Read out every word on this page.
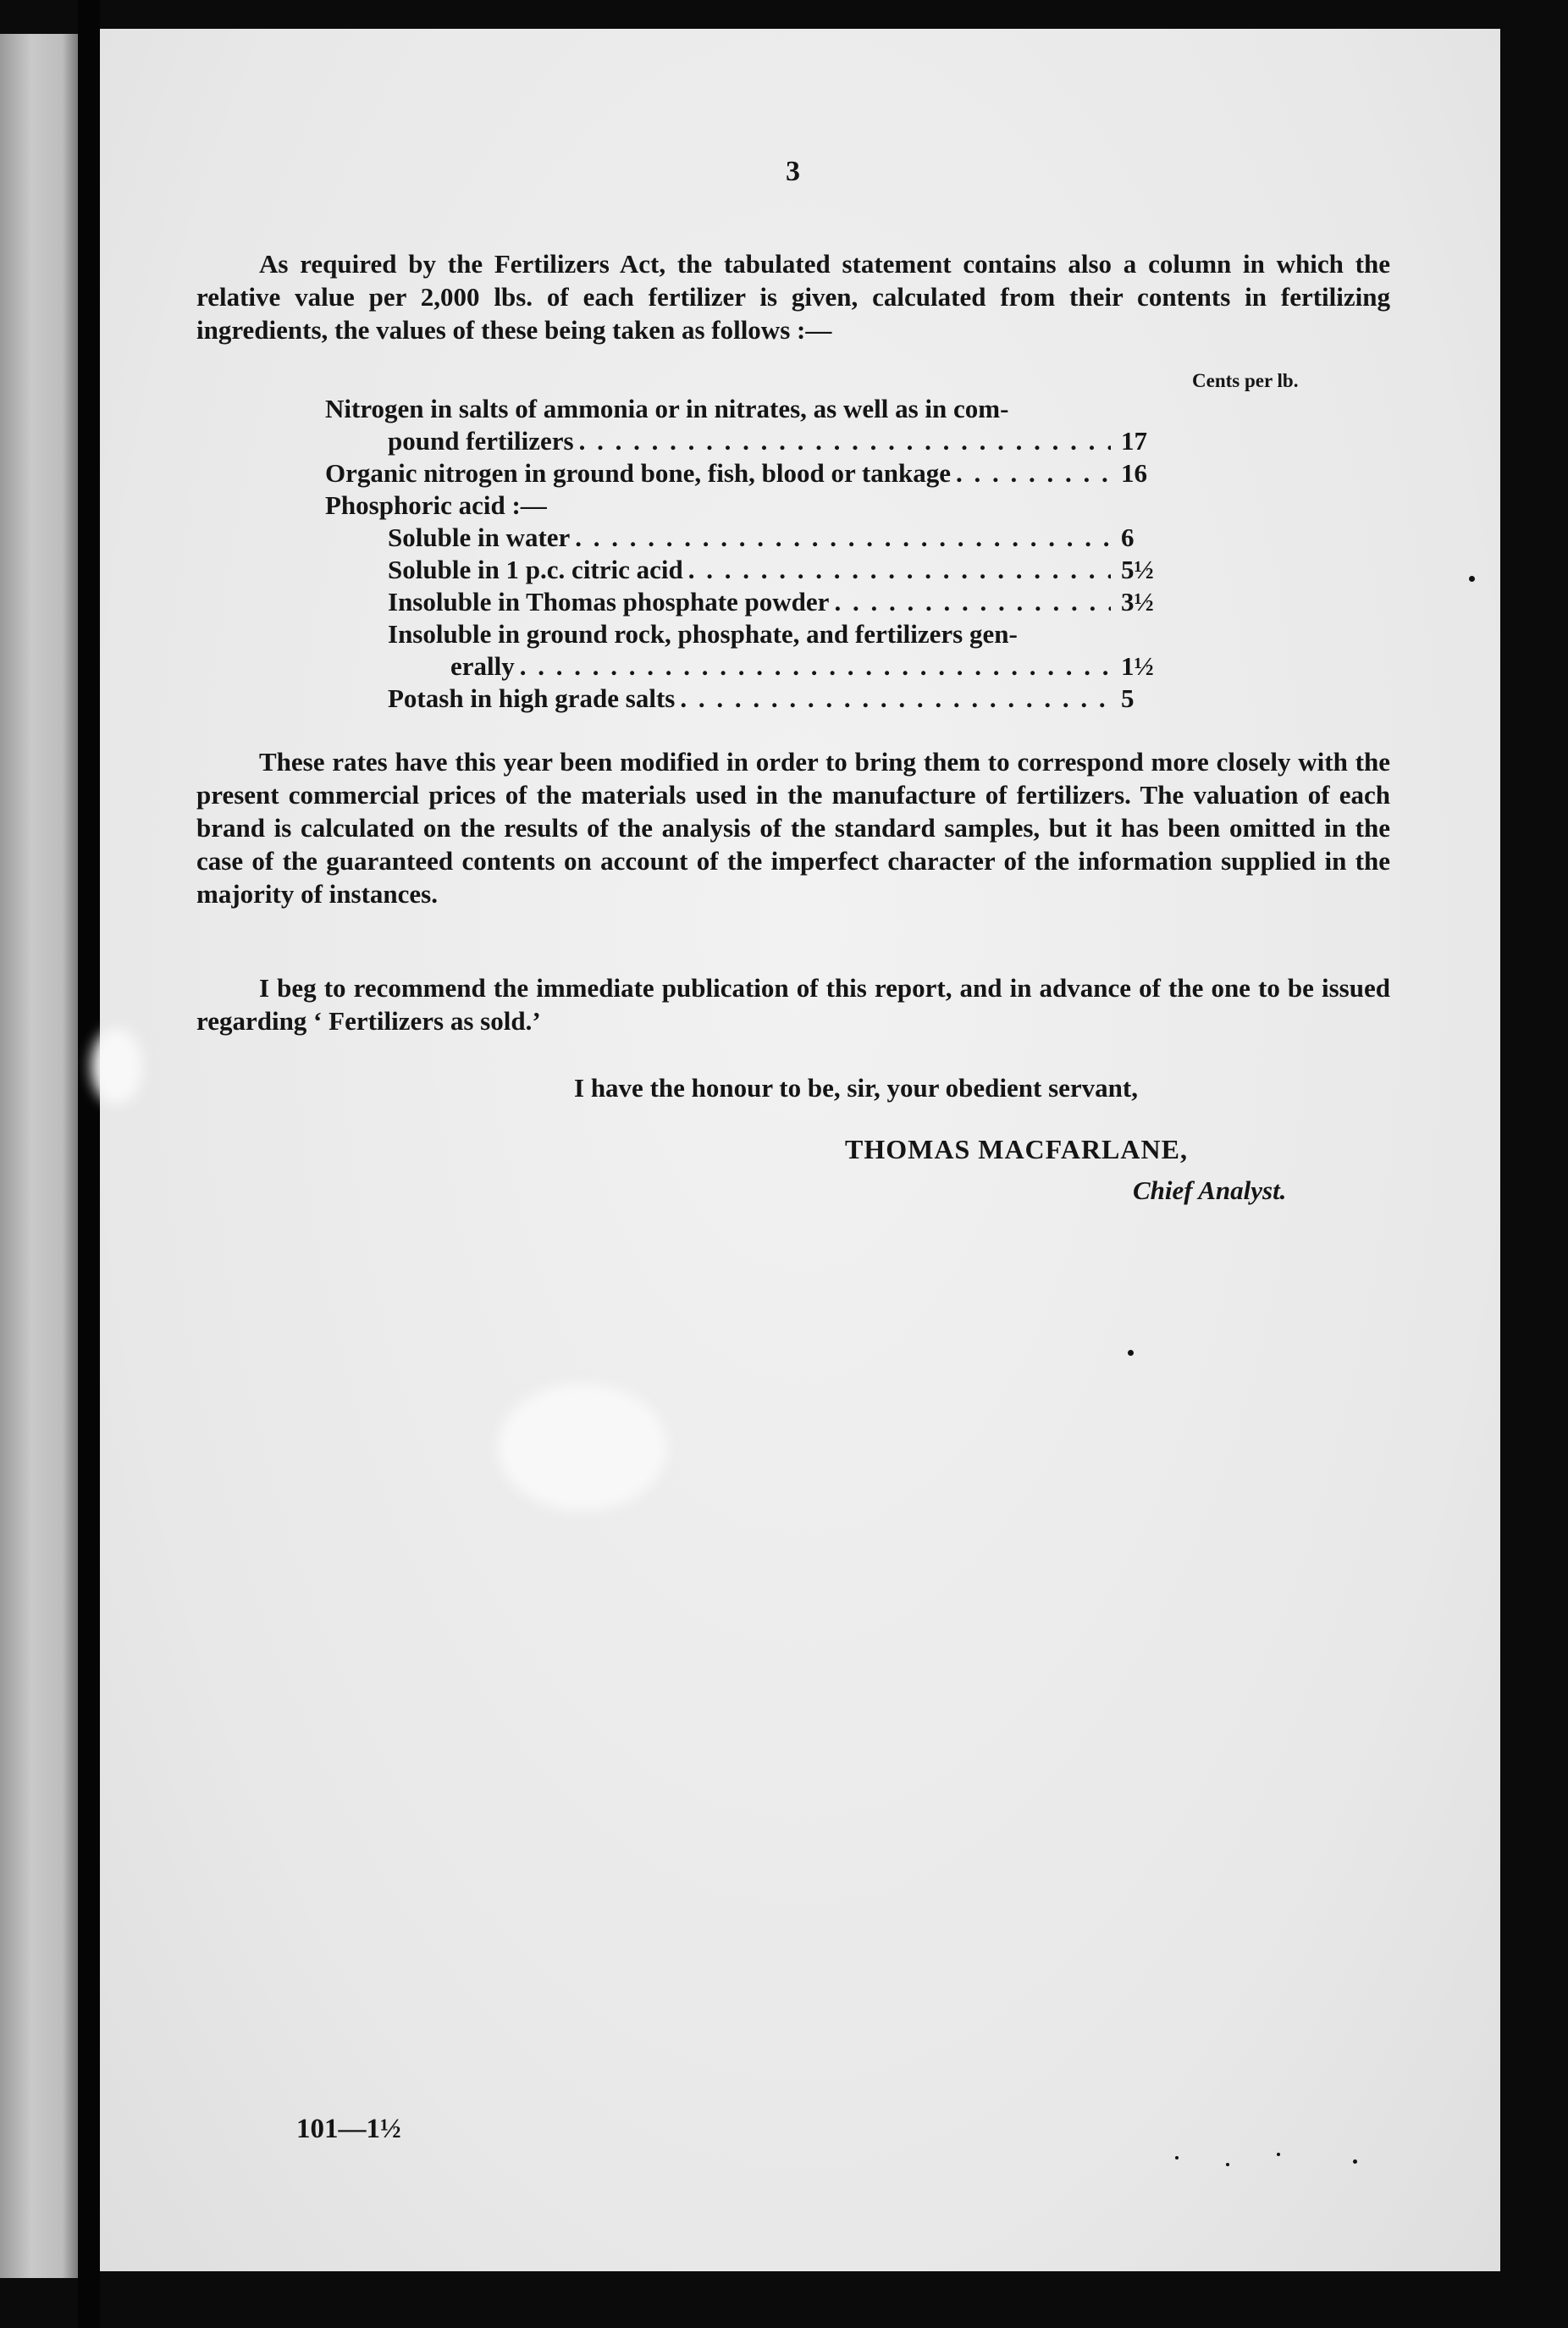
3

As required by the Fertilizers Act, the tabulated statement contains also a column in which the relative value per 2,000 lbs. of each fertilizer is given, calculated from their contents in fertilizing ingredients, the values of these being taken as follows :—

Cents per lb.
Nitrogen in salts of ammonia or in nitrates, as well as in com-
pound fertilizers . . .	17
Organic nitrogen in ground bone, fish, blood or tankage . . .	16
Phosphoric acid :—
Soluble in water . . .	6
Soluble in 1 p.c. citric acid . . .	5½
Insoluble in Thomas phosphate powder . . .	3½
Insoluble in ground rock, phosphate, and fertilizers gen-
erally . . .	1½
Potash in high grade salts . . .	5

These rates have this year been modified in order to bring them to correspond more closely with the present commercial prices of the materials used in the manufacture of fertilizers. The valuation of each brand is calculated on the results of the analysis of the standard samples, but it has been omitted in the case of the guaranteed contents on account of the imperfect character of the information supplied in the majority of instances.

I beg to recommend the immediate publication of this report, and in advance of the one to be issued regarding ‘ Fertilizers as sold.’

I have the honour to be, sir, your obedient servant,

THOMAS MACFARLANE,

Chief Analyst.

101—1½
